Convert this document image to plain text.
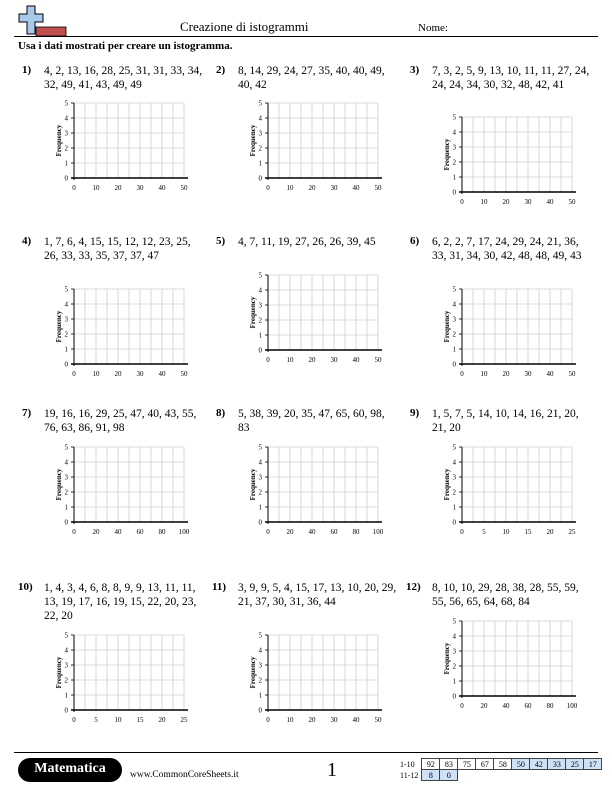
Creazione di istogrammi	Nome:
Usa i dati mostrati per creare un istogramma.
1) 4, 2, 13, 16, 28, 25, 31, 31, 33, 34, 32, 49, 41, 43, 49, 49
0
1
2
3
4
5
0 10 20 30 40 50
Frequency
2) 8, 14, 29, 24, 27, 35, 40, 40, 49, 40, 42
0
1
2
3
4
5
0 10 20 30 40 50
Frequency
3) 7, 3, 2, 5, 9, 13, 10, 11, 11, 27, 24, 24, 24, 34, 30, 32, 48, 42, 41
0
1
2
3
4
5
0 10 20 30 40 50
Frequency
4) 1, 7, 6, 4, 15, 15, 12, 12, 23, 25, 26, 33, 33, 35, 37, 37, 47
0
1
2
3
4
5
0 10 20 30 40 50
Frequency
5) 4, 7, 11, 19, 27, 26, 26, 39, 45
0
1
2
3
4
5
0 10 20 30 40 50
Frequency
6) 6, 2, 2, 7, 17, 24, 29, 24, 21, 36, 33, 31, 34, 30, 42, 48, 48, 49, 43
0
1
2
3
4
5
0 10 20 30 40 50
Frequency
7) 19, 16, 16, 29, 25, 47, 40, 43, 55, 76, 63, 86, 91, 98
0
1
2
3
4
5
0 20 40 60 80 100
Frequency
8) 5, 38, 39, 20, 35, 47, 65, 60, 98, 83
0
1
2
3
4
5
0 20 40 60 80 100
Frequency
9) 1, 5, 7, 5, 14, 10, 14, 16, 21, 20, 21, 20
0
1
2
3
4
5
0	5 10 15 20 25
Frequency
10) 1, 4, 3, 4, 6, 8, 8, 9, 9, 13, 11, 11, 13, 19, 17, 16, 19, 15, 22, 20, 23, 22, 20
0
1
2
3
4
5
0	5 10 15 20 25
Frequency
11) 3, 9, 9, 5, 4, 15, 17, 13, 10, 20, 29, 21, 37, 30, 31, 36, 44
0
1
2
3
4
5
0 10 20 30 40 50
Frequency
12) 8, 10, 10, 29, 28, 38, 28, 55, 59, 55, 56, 65, 64, 68, 84
0
1
2
3
4
5
0 20 40 60 80 100
Frequency
Matematica	www.CommonCoreSheets.it	1	1-10	92	83	75	67	58	50	42	33	25	17
11-12	8	0								
